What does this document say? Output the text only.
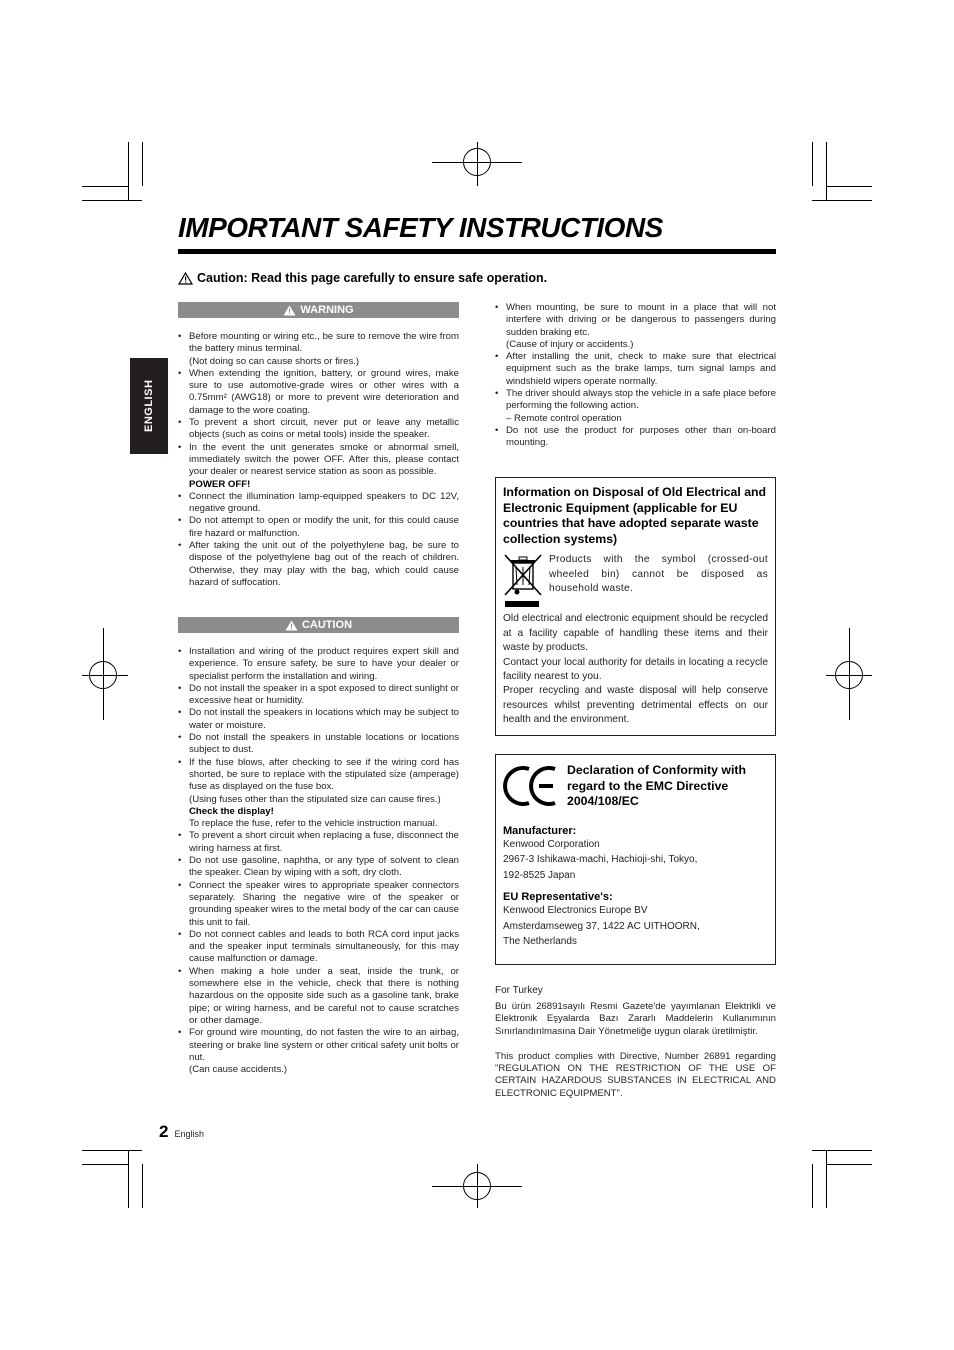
IMPORTANT SAFETY INSTRUCTIONS
Caution: Read this page carefully to ensure safe operation.
ENGLISH
WARNING
• Before mounting or wiring etc., be sure to remove the wire from the battery minus terminal.
(Not doing so can cause shorts or fires.)
• When extending the ignition, battery, or ground wires, make sure to use automotive-grade wires or other wires with a 0.75mm² (AWG18) or more to prevent wire deterioration and damage to the wore coating.
• To prevent a short circuit, never put or leave any metallic objects (such as coins or metal tools) inside the speaker.
• In the event the unit generates smoke or abnormal smell, immediately switch the power OFF. After this, please contact your dealer or nearest service station as soon as possible.
POWER OFF!
• Connect the illumination lamp-equipped speakers to DC 12V, negative ground.
• Do not attempt to open or modify the unit, for this could cause fire hazard or malfunction.
• After taking the unit out of the polyethylene bag, be sure to dispose of the polyethylene bag out of the reach of children. Otherwise, they may play with the bag, which could cause hazard of suffocation.
CAUTION
• Installation and wiring of the product requires expert skill and experience. To ensure safety, be sure to have your dealer or specialist perform the installation and wiring.
• Do not install the speaker in a spot exposed to direct sunlight or excessive heat or humidity.
• Do not install the speakers in locations which may be subject to water or moisture.
• Do not install the speakers in unstable locations or locations subject to dust.
• If the fuse blows, after checking to see if the wiring cord has shorted, be sure to replace with the stipulated size (amperage) fuse as displayed on the fuse box.
(Using fuses other than the stipulated size can cause fires.)
Check the display!
To replace the fuse, refer to the vehicle instruction manual.
• To prevent a short circuit when replacing a fuse, disconnect the wiring harness at first.
• Do not use gasoline, naphtha, or any type of solvent to clean the speaker. Clean by wiping with a soft, dry cloth.
• Connect the speaker wires to appropriate speaker connectors separately. Sharing the negative wire of the speaker or grounding speaker wires to the metal body of the car can cause this unit to fail.
• Do not connect cables and leads to both RCA cord input jacks and the speaker input terminals simultaneously, for this may cause malfunction or damage.
• When making a hole under a seat, inside the trunk, or somewhere else in the vehicle, check that there is nothing hazardous on the opposite side such as a gasoline tank, brake pipe; or wiring harness, and be careful not to cause scratches or other damage.
• For ground wire mounting, do not fasten the wire to an airbag, steering or brake line system or other critical safety unit bolts or nut.
(Can cause accidents.)
• When mounting, be sure to mount in a place that will not interfere with driving or be dangerous to passengers during sudden braking etc.
(Cause of injury or accidents.)
• After installing the unit, check to make sure that electrical equipment such as the brake lamps, turn signal lamps and windshield wipers operate normally.
• The driver should always stop the vehicle in a safe place before performing the following action.
– Remote control operation
• Do not use the product for purposes other than on-board mounting.
Information on Disposal of Old Electrical and Electronic Equipment (applicable for EU countries that have adopted separate waste collection systems)
Products with the symbol (crossed-out wheeled bin) cannot be disposed as household waste.
Old electrical and electronic equipment should be recycled at a facility capable of handling these items and their waste by products.
Contact your local authority for details in locating a recycle facility nearest to you.
Proper recycling and waste disposal will help conserve resources whilst preventing detrimental effects on our health and the environment.
Declaration of Conformity with regard to the EMC Directive 2004/108/EC
Manufacturer:
Kenwood Corporation
2967-3 Ishikawa-machi, Hachioji-shi, Tokyo,
192-8525 Japan
EU Representative's:
Kenwood Electronics Europe BV
Amsterdamseweg 37, 1422 AC UITHOORN,
The Netherlands
For Turkey
Bu ürün 26891sayılı Resmi Gazete'de yayımlanan Elektrikli ve Elektronik Eşyalarda Bazı Zararlı Maddelerin Kullanımının Sınırlandırılmasına Dair Yönetmeliğe uygun olarak üretilmiştir.
This product complies with Directive, Number 26891 regarding "REGULATION ON THE RESTRICTION OF THE USE OF CERTAIN HAZARDOUS SUBSTANCES IN ELECTRICAL AND ELECTRONIC EQUIPMENT".
2 English
